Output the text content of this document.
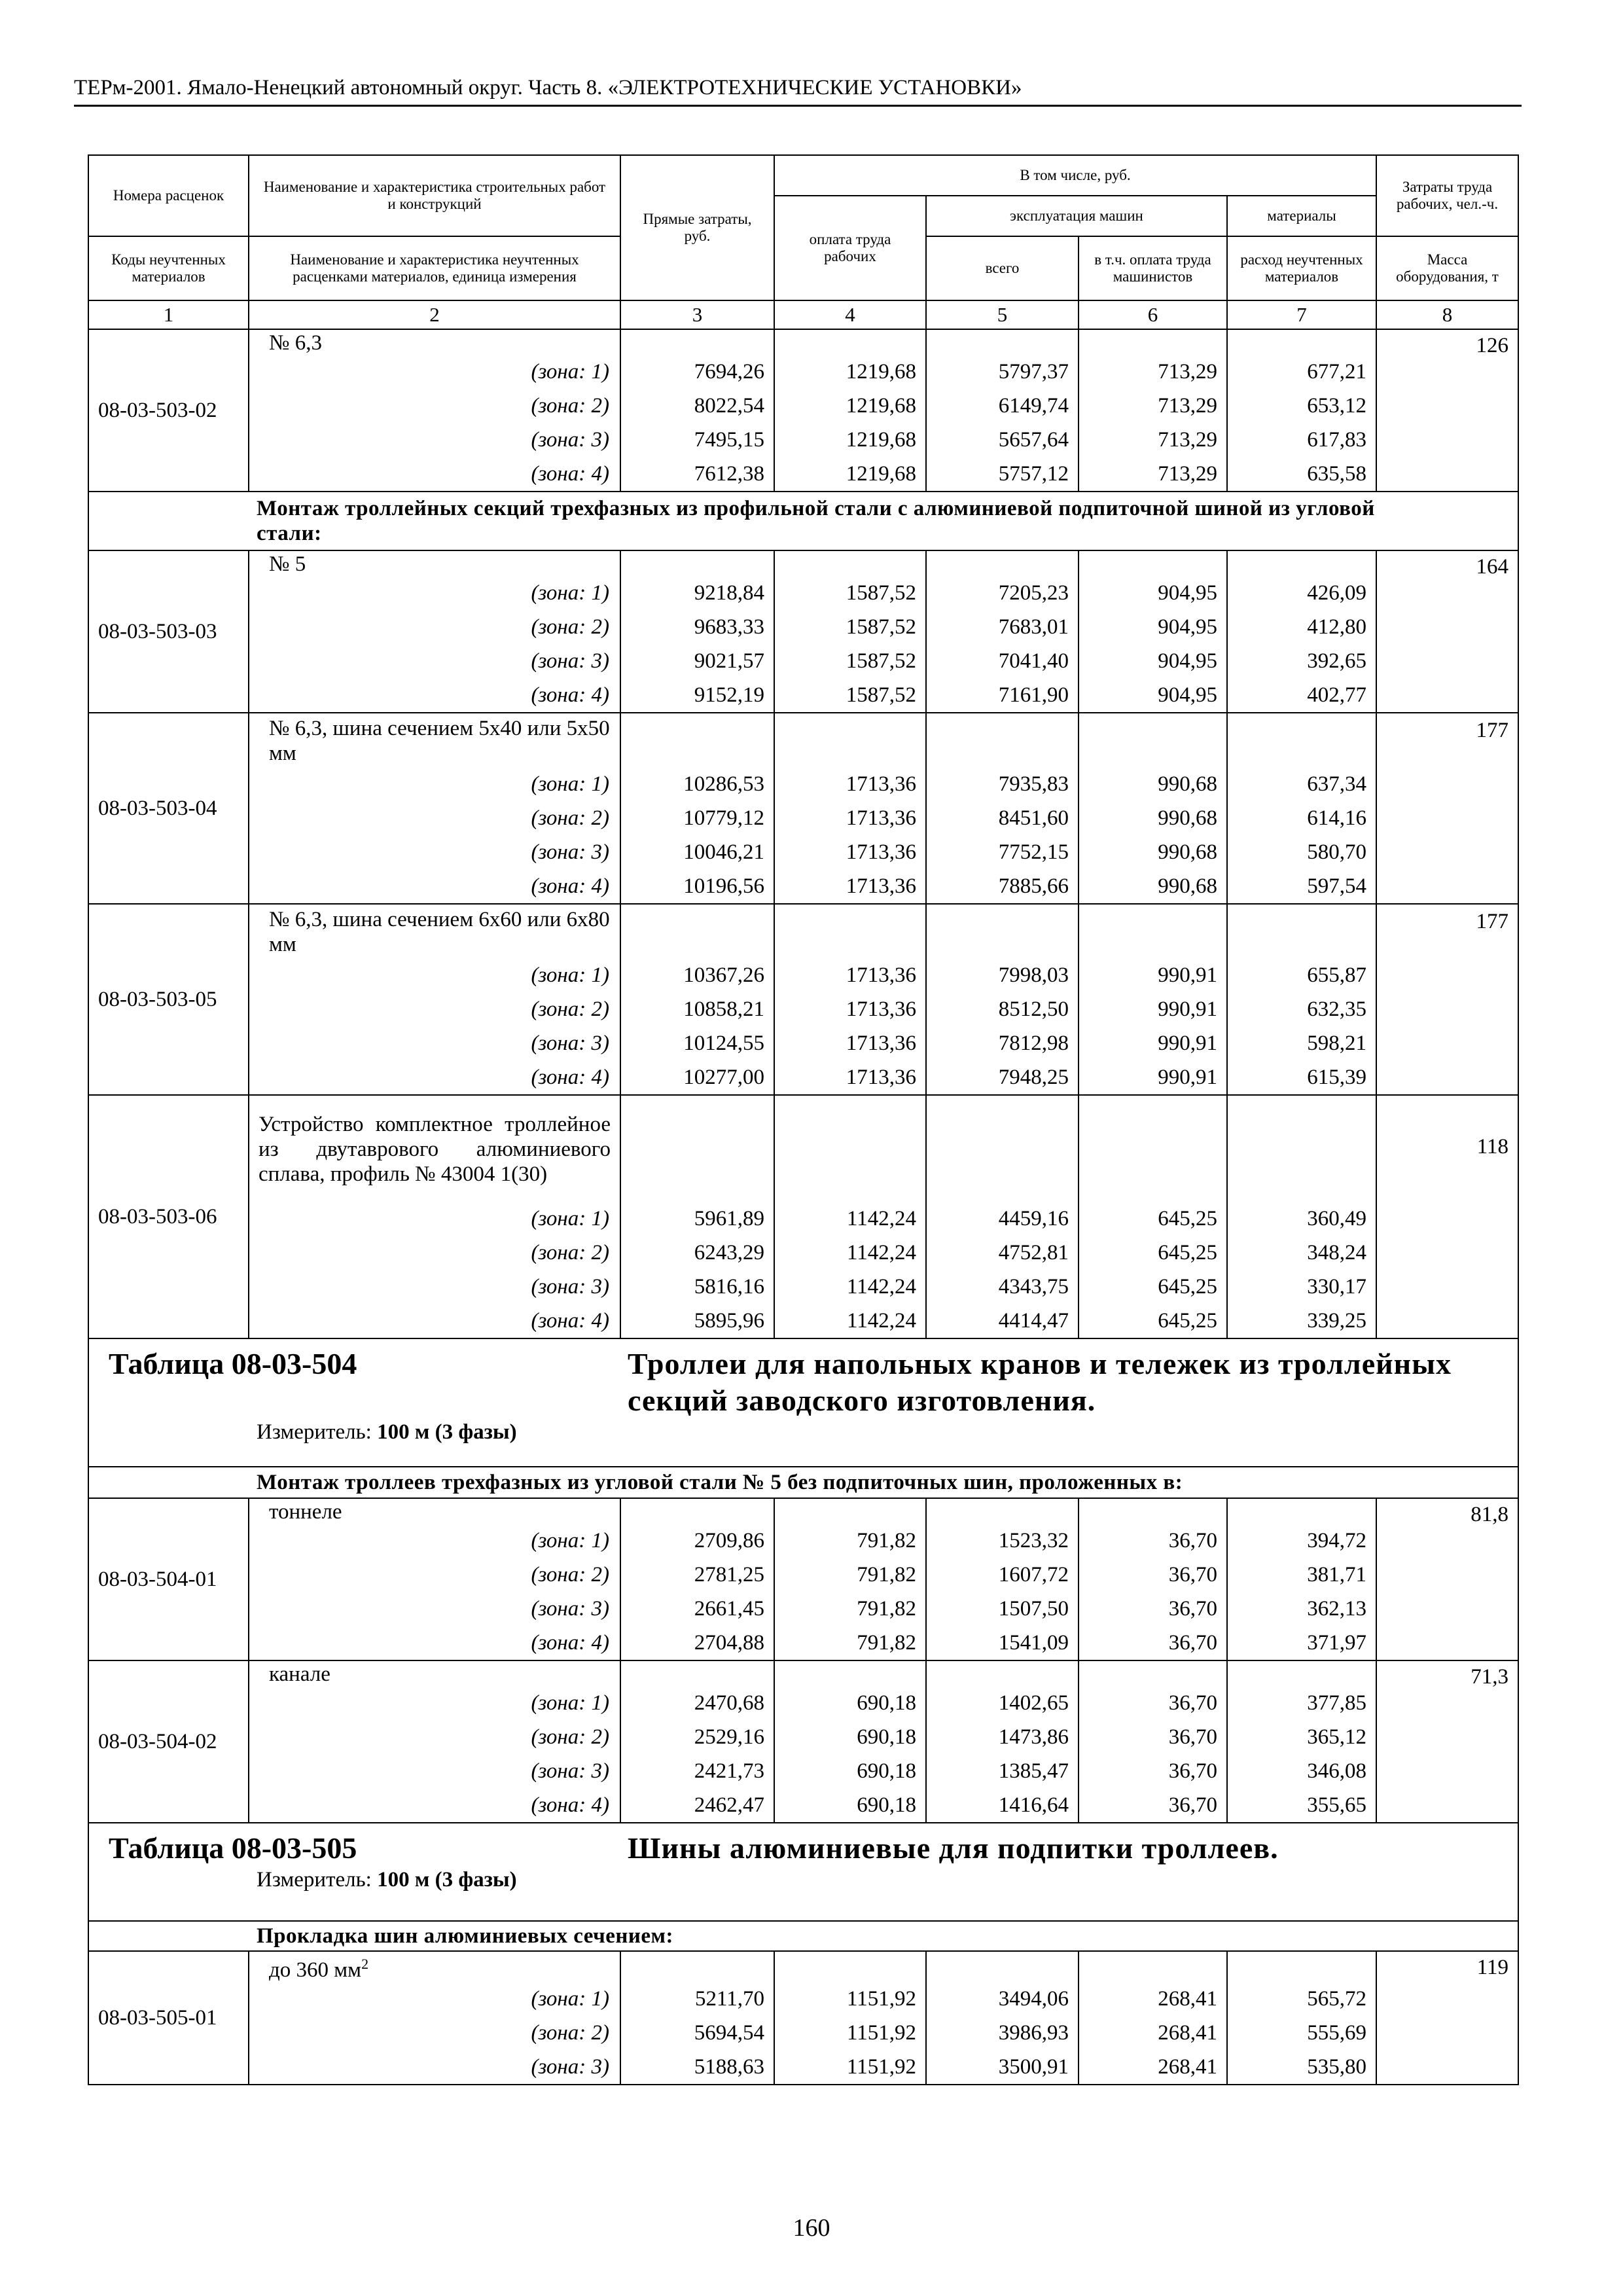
ТЕРм-2001. Ямало-Ненецкий автономный округ. Часть 8. «ЭЛЕКТРОТЕХНИЧЕСКИЕ УСТАНОВКИ»
Номера расценок	Наименование и характеристика строительных работ и конструкций	Прямые затраты, руб.	В том числе, руб.				Затраты труда рабочих, чел.-ч.
			оплата труда рабочих	эксплуатация машин		материалы	
Коды неучтенных материалов	Наименование и характеристика неучтенных расценками материалов, единица измерения			всего	в т.ч. оплата труда машинистов	расход неучтенных материалов	Масса оборудования, т
1	2	3	4	5	6	7	8
08-03-503-02	№ 6,3						126
	(зона: 1)	7694,26	1219,68	5797,37	713,29	677,21	
	(зона: 2)	8022,54	1219,68	6149,74	713,29	653,12	
	(зона: 3)	7495,15	1219,68	5657,64	713,29	617,83	
	(зона: 4)	7612,38	1219,68	5757,12	713,29	635,58	
Монтаж троллейных секций трехфазных из профильной стали с алюминиевой подпиточной шиной из угловой стали:							
08-03-503-03	№ 5						164
	(зона: 1)	9218,84	1587,52	7205,23	904,95	426,09	
	(зона: 2)	9683,33	1587,52	7683,01	904,95	412,80	
	(зона: 3)	9021,57	1587,52	7041,40	904,95	392,65	
	(зона: 4)	9152,19	1587,52	7161,90	904,95	402,77	
08-03-503-04	№ 6,3, шина сечением 5х40 или 5х50 мм						177
	(зона: 1)	10286,53	1713,36	7935,83	990,68	637,34	
	(зона: 2)	10779,12	1713,36	8451,60	990,68	614,16	
	(зона: 3)	10046,21	1713,36	7752,15	990,68	580,70	
	(зона: 4)	10196,56	1713,36	7885,66	990,68	597,54	
08-03-503-05	№ 6,3, шина сечением 6х60 или 6х80 мм						177
	(зона: 1)	10367,26	1713,36	7998,03	990,91	655,87	
	(зона: 2)	10858,21	1713,36	8512,50	990,91	632,35	
	(зона: 3)	10124,55	1713,36	7812,98	990,91	598,21	
	(зона: 4)	10277,00	1713,36	7948,25	990,91	615,39	
08-03-503-06	Устройство комплектное троллейное из двутаврового алюминиевого сплава, профиль № 43004 1(30)						118
	(зона: 1)	5961,89	1142,24	4459,16	645,25	360,49	
	(зона: 2)	6243,29	1142,24	4752,81	645,25	348,24	
	(зона: 3)	5816,16	1142,24	4343,75	645,25	330,17	
	(зона: 4)	5895,96	1142,24	4414,47	645,25	339,25	

Таблица 08-03-504 Троллеи для напольных кранов и тележек из троллейных секций заводского изготовления.
Измеритель: 100 м (3 фазы)							

Монтаж троллеев трехфазных из угловой стали № 5 без подпиточных шин, проложенных в:							
08-03-504-01	тоннеле						81,8
	(зона: 1)	2709,86	791,82	1523,32	36,70	394,72	
	(зона: 2)	2781,25	791,82	1607,72	36,70	381,71	
	(зона: 3)	2661,45	791,82	1507,50	36,70	362,13	
	(зона: 4)	2704,88	791,82	1541,09	36,70	371,97	
08-03-504-02	канале						71,3
	(зона: 1)	2470,68	690,18	1402,65	36,70	377,85	
	(зона: 2)	2529,16	690,18	1473,86	36,70	365,12	
	(зона: 3)	2421,73	690,18	1385,47	36,70	346,08	
	(зона: 4)	2462,47	690,18	1416,64	36,70	355,65	

Таблица 08-03-505 Шины алюминиевые для подпитки троллеев.
Измеритель: 100 м (3 фазы)							

Прокладка шин алюминиевых сечением:							
08-03-505-01	до 360 $мм^2$						119
	(зона: 1)	5211,70	1151,92	3494,06	268,41	565,72	
	(зона: 2)	5694,54	1151,92	3986,93	268,41	555,69	
	(зона: 3)	5188,63	1151,92	3500,91	268,41	535,80	
160
